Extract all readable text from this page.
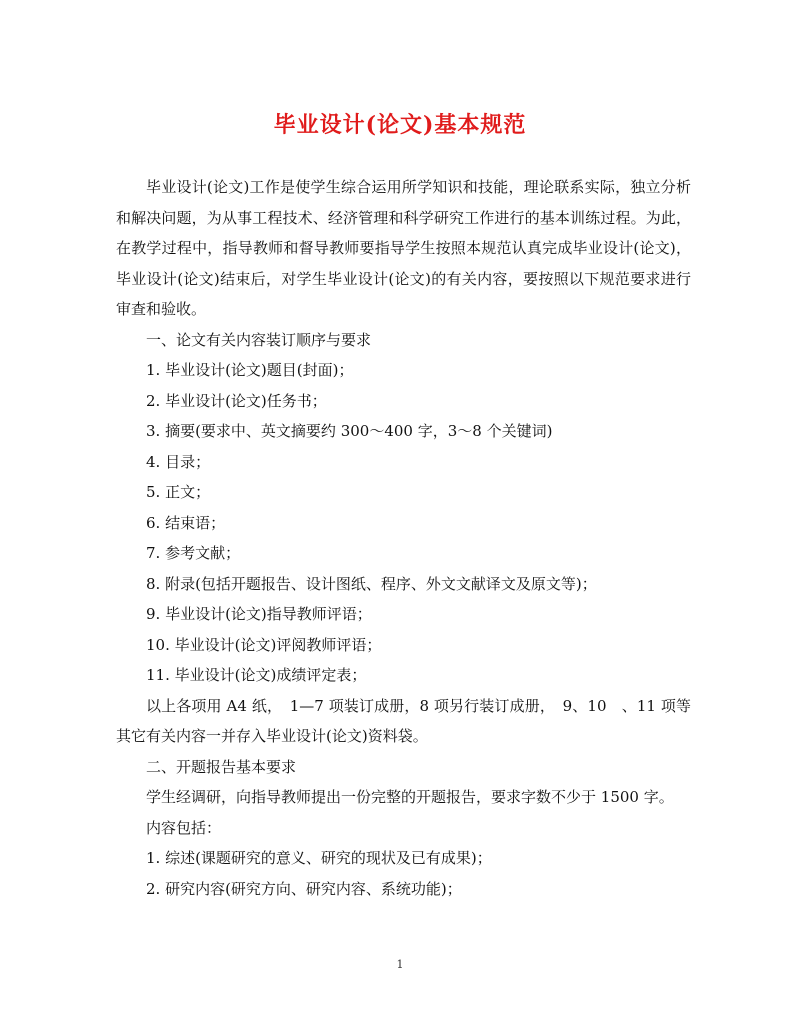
毕业设计(论文)基本规范

毕业设计(论文)工作是使学生综合运用所学知识和技能，理论联系实际，独立分析和解决问题，为从事工程技术、经济管理和科学研究工作进行的基本训练过程。为此，在教学过程中，指导教师和督导教师要指导学生按照本规范认真完成毕业设计(论文)，毕业设计(论文)结束后，对学生毕业设计(论文)的有关内容，要按照以下规范要求进行审查和验收。

一、论文有关内容装订顺序与要求

1. 毕业设计(论文)题目(封面)；

2. 毕业设计(论文)任务书；

3. 摘要(要求中、英文摘要约 300～400 字，3～8 个关键词)

4. 目录；

5. 正文；

6. 结束语；

7. 参考文献；

8. 附录(包括开题报告、设计图纸、程序、外文文献译文及原文等)；

9. 毕业设计(论文)指导教师评语；

10. 毕业设计(论文)评阅教师评语；

11. 毕业设计(论文)成绩评定表；

以上各项用 A4 纸，　1—7 项装订成册，8 项另行装订成册，　9、10　、11 项等其它有关内容一并存入毕业设计(论文)资料袋。

二、开题报告基本要求

学生经调研，向指导教师提出一份完整的开题报告，要求字数不少于 1500 字。

内容包括：

1. 综述(课题研究的意义、研究的现状及已有成果)；

2. 研究内容(研究方向、研究内容、系统功能)；

1
